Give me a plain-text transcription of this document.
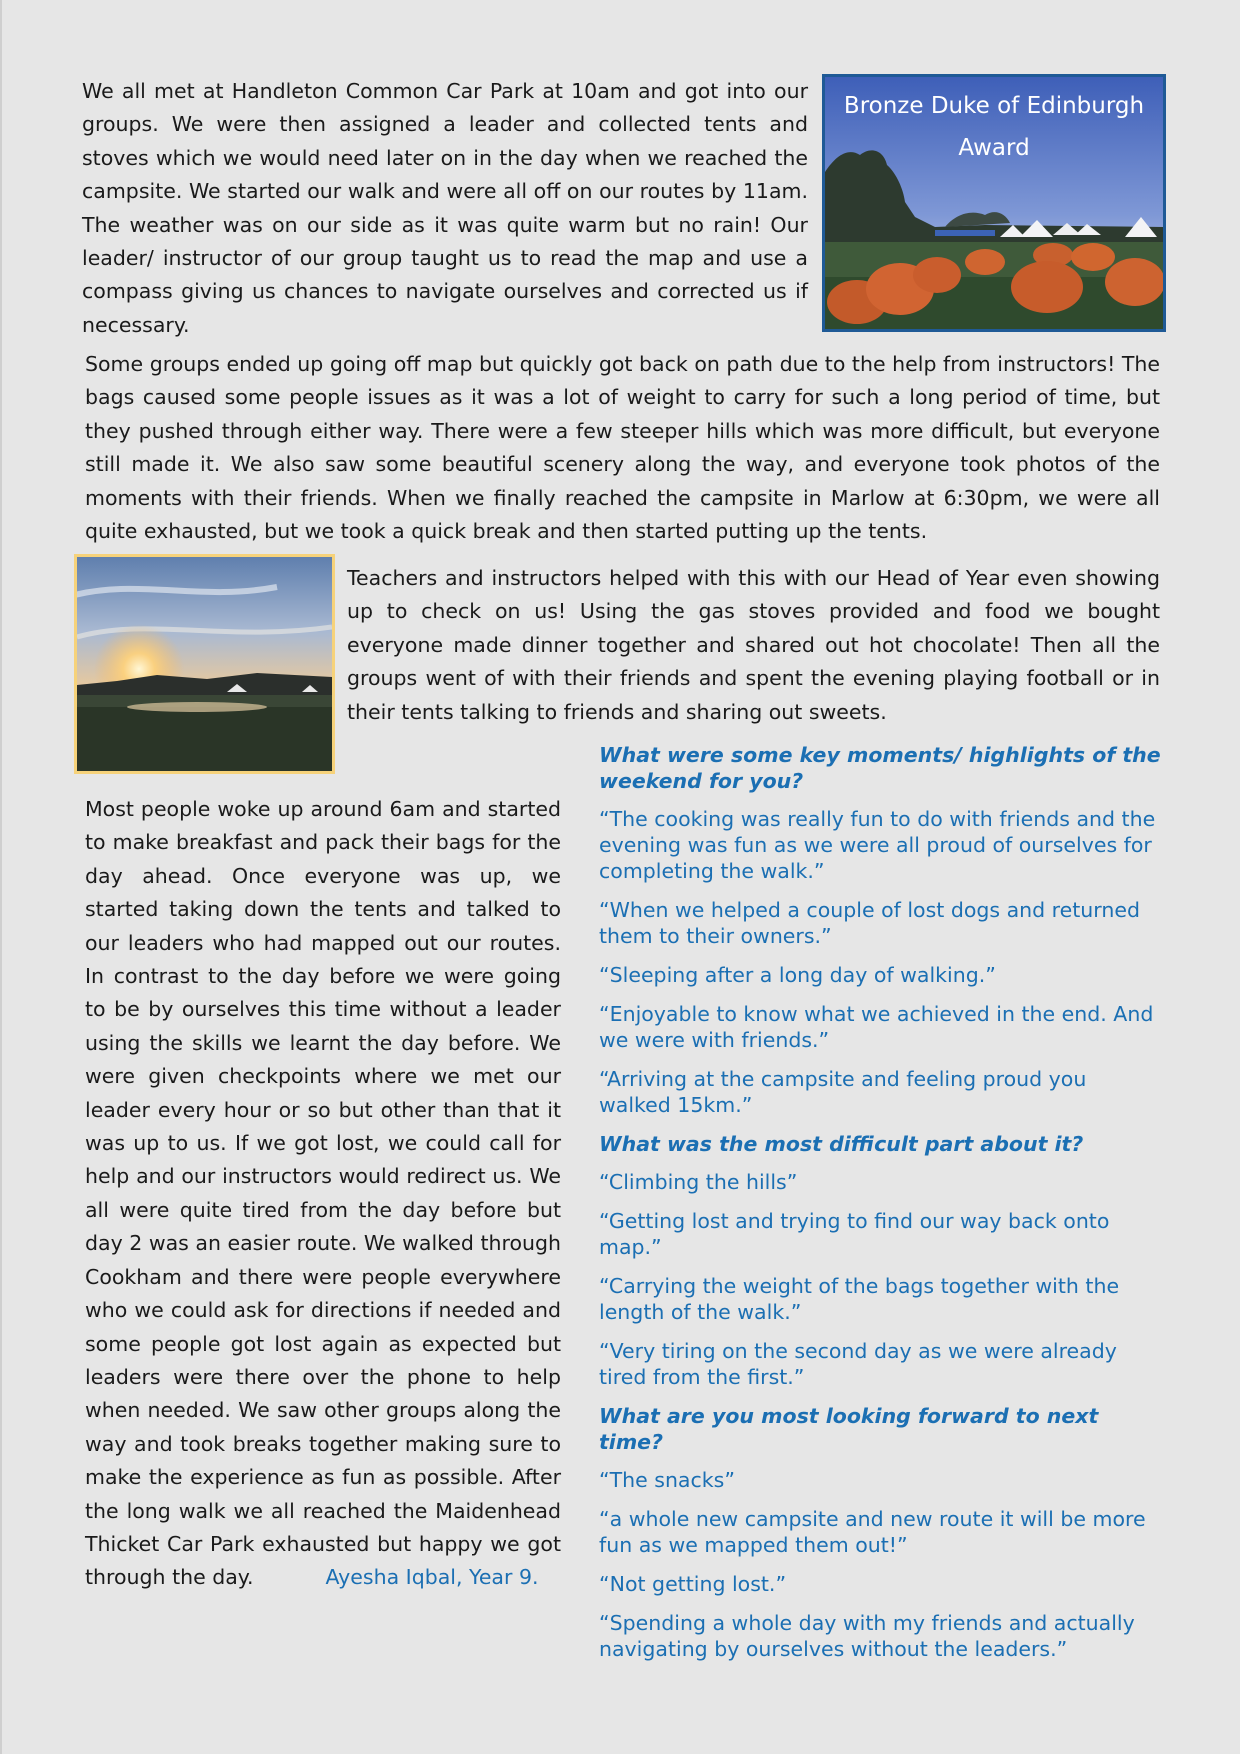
We all met at Handleton Common Car Park at 10am and got into our groups. We were then assigned a leader and collected tents and stoves which we would need later on in the day when we reached the campsite. We started our walk and were all off on our routes by 11am. The weather was on our side as it was quite warm but no rain! Our leader/ instructor of our group taught us to read the map and use a compass giving us chances to navigate ourselves and corrected us if necessary.

Bronze Duke of Edinburgh
Award

Some groups ended up going off map but quickly got back on path due to the help from instructors! The bags caused some people issues as it was a lot of weight to carry for such a long period of time, but they pushed through either way. There were a few steeper hills which was more difficult, but everyone still made it. We also saw some beautiful scenery along the way, and everyone took photos of the moments with their friends. When we finally reached the campsite in Marlow at 6:30pm, we were all quite exhausted, but we took a quick break and then started putting up the tents.

Teachers and instructors helped with this with our Head of Year even showing up to check on us! Using the gas stoves provided and food we bought everyone made dinner together and shared out hot chocolate! Then all the groups went of with their friends and spent the evening playing football or in their tents talking to friends and sharing out sweets.

Most people woke up around 6am and started to make breakfast and pack their bags for the day ahead. Once everyone was up, we started taking down the tents and talked to our leaders who had mapped out our routes. In contrast to the day before we were going to be by ourselves this time without a leader using the skills we learnt the day before. We were given checkpoints where we met our leader every hour or so but other than that it was up to us. If we got lost, we could call for help and our instructors would redirect us. We all were quite tired from the day before but day 2 was an easier route. We walked through Cookham and there were people everywhere who we could ask for directions if needed and some people got lost again as expected but leaders were there over the phone to help when needed. We saw other groups along the way and took breaks together making sure to make the experience as fun as possible. After the long walk we all reached the Maidenhead Thicket Car Park exhausted but happy we got through the day.	Ayesha Iqbal, Year 9.

What were some key moments/ highlights of the weekend for you?
“The cooking was really fun to do with friends and the evening was fun as we were all proud of ourselves for completing the walk.”
“When we helped a couple of lost dogs and returned them to their owners.”
“Sleeping after a long day of walking.”
“Enjoyable to know what we achieved in the end. And we were with friends.”
“Arriving at the campsite and feeling proud you walked 15km.”
What was the most difficult part about it?
“Climbing the hills”
“Getting lost and trying to find our way back onto map.”
“Carrying the weight of the bags together with the length of the walk.”
“Very tiring on the second day as we were already tired from the first.”
What are you most looking forward to next time?
“The snacks”
“a whole new campsite and new route it will be more fun as we mapped them out!”
“Not getting lost.”
“Spending a whole day with my friends and actually navigating by ourselves without the leaders.”
